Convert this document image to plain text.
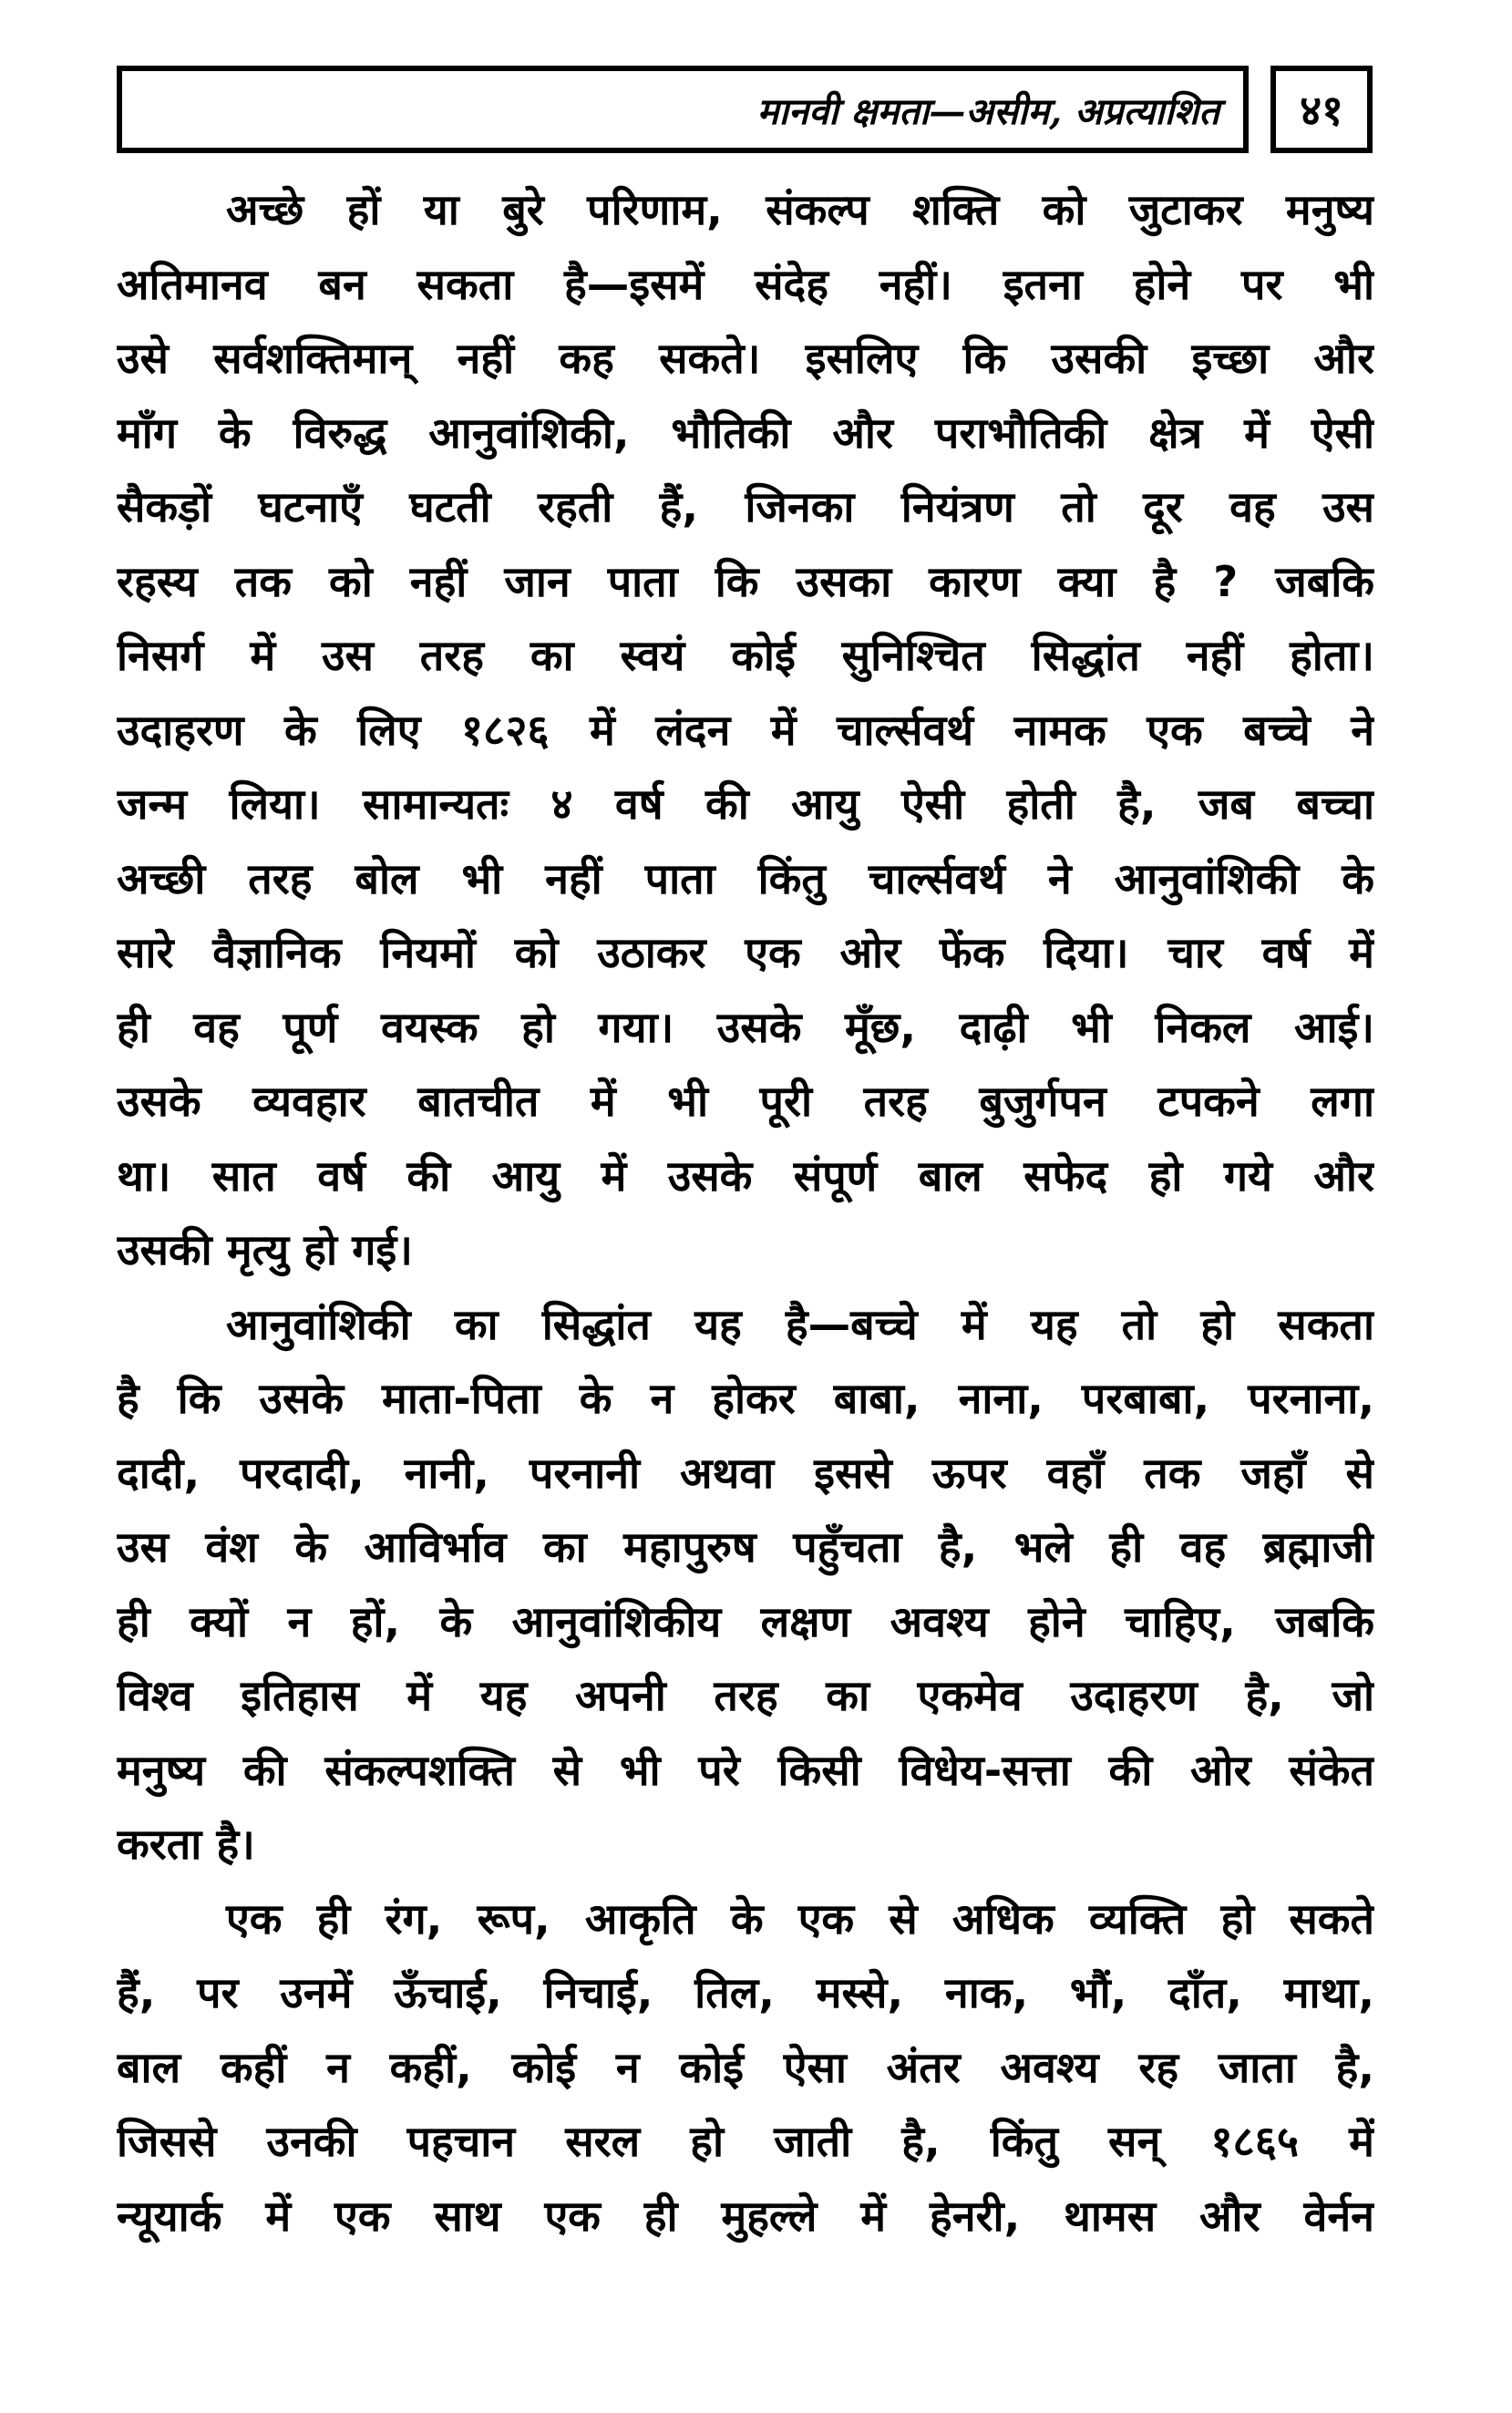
मानवी क्षमता—असीम, अप्रत्याशित ४१
अच्छे हों या बुरे परिणाम, संकल्प शक्ति को जुटाकर मनुष्य
अतिमानव बन सकता है—इसमें संदेह नहीं। इतना होने पर भी
उसे सर्वशक्तिमान् नहीं कह सकते। इसलिए कि उसकी इच्छा और
माँग के विरुद्ध आनुवांशिकी, भौतिकी और पराभौतिकी क्षेत्र में ऐसी
सैकड़ों घटनाएँ घटती रहती हैं, जिनका नियंत्रण तो दूर वह उस
रहस्य तक को नहीं जान पाता कि उसका कारण क्या है ? जबकि
निसर्ग में उस तरह का स्वयं कोई सुनिश्चित सिद्धांत नहीं होता।
उदाहरण के लिए १८२६ में लंदन में चार्ल्सवर्थ नामक एक बच्चे ने
जन्म लिया। सामान्यतः ४ वर्ष की आयु ऐसी होती है, जब बच्चा
अच्छी तरह बोल भी नहीं पाता किंतु चार्ल्सवर्थ ने आनुवांशिकी के
सारे वैज्ञानिक नियमों को उठाकर एक ओर फेंक दिया। चार वर्ष में
ही वह पूर्ण वयस्क हो गया। उसके मूँछ, दाढ़ी भी निकल आई।
उसके व्यवहार बातचीत में भी पूरी तरह बुजुर्गपन टपकने लगा
था। सात वर्ष की आयु में उसके संपूर्ण बाल सफेद हो गये और
उसकी मृत्यु हो गई।
आनुवांशिकी का सिद्धांत यह है—बच्चे में यह तो हो सकता
है कि उसके माता-पिता के न होकर बाबा, नाना, परबाबा, परनाना,
दादी, परदादी, नानी, परनानी अथवा इससे ऊपर वहाँ तक जहाँ से
उस वंश के आविर्भाव का महापुरुष पहुँचता है, भले ही वह ब्रह्माजी
ही क्यों न हों, के आनुवांशिकीय लक्षण अवश्य होने चाहिए, जबकि
विश्व इतिहास में यह अपनी तरह का एकमेव उदाहरण है, जो
मनुष्य की संकल्पशक्ति से भी परे किसी विधेय-सत्ता की ओर संकेत
करता है।
एक ही रंग, रूप, आकृति के एक से अधिक व्यक्ति हो सकते
हैं, पर उनमें ऊँचाई, निचाई, तिल, मस्से, नाक, भौं, दाँत, माथा,
बाल कहीं न कहीं, कोई न कोई ऐसा अंतर अवश्य रह जाता है,
जिससे उनकी पहचान सरल हो जाती है, किंतु सन् १८६५ में
न्यूयार्क में एक साथ एक ही मुहल्ले में हेनरी, थामस और वेर्नन
